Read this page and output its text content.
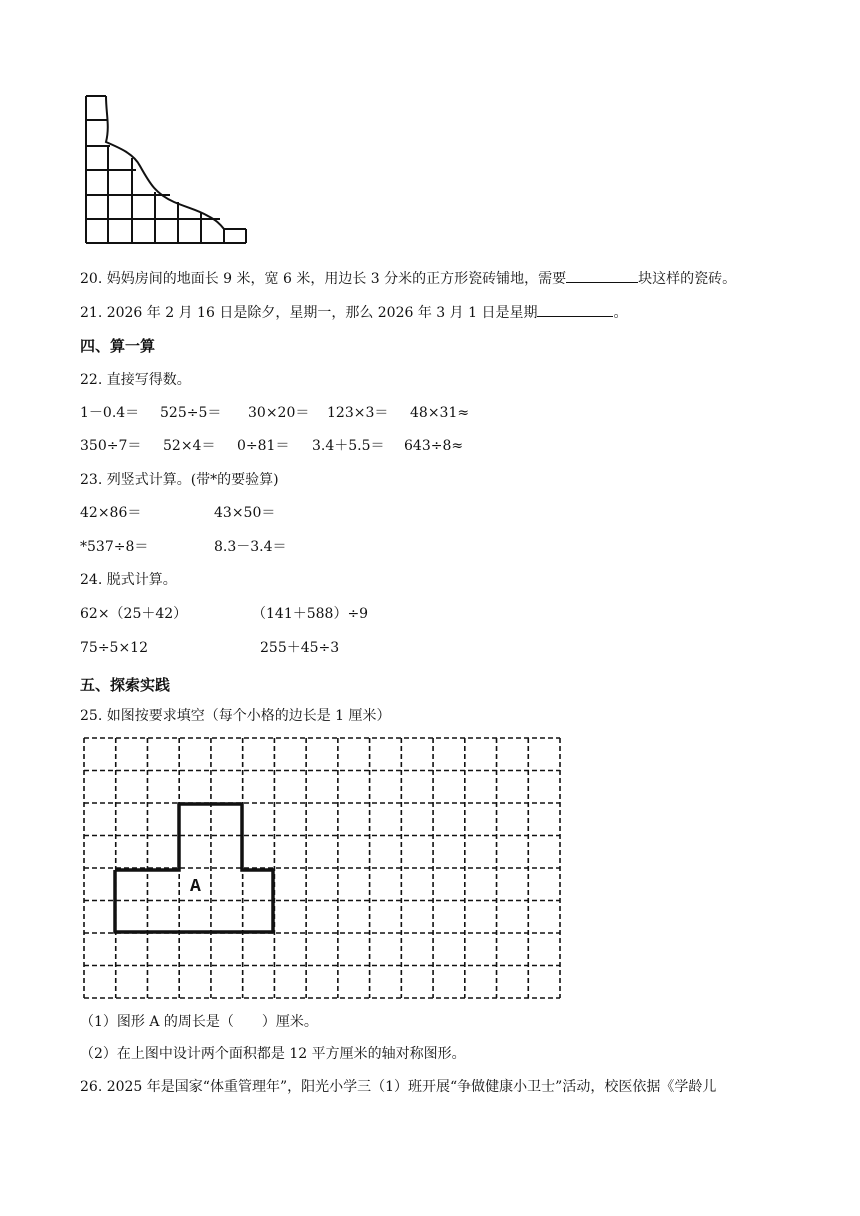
20. 妈妈房间的地面长 9 米，宽 6 米，用边长 3 分米的正方形瓷砖铺地，需要	块这样的瓷砖。
21. 2026 年 2 月 16 日是除夕，星期一，那么 2026 年 3 月 1 日是星期	。
四、算一算
22. 直接写得数。
1－0.4＝ 525÷5＝ 30×20＝ 123×3＝ 48×31≈
350÷7＝ 52×4＝ 0÷81＝ 3.4＋5.5＝ 643÷8≈
23. 列竖式计算。(带*的要验算)
42×86＝	43×50＝
*537÷8＝	8.3－3.4＝
24. 脱式计算。
62×（25＋42）	（141＋588）÷9
75÷5×12	255＋45÷3
五、探索实践
25. 如图按要求填空（每个小格的边长是 1 厘米）
A
（1）图形 A 的周长是（　　）厘米。
（2）在上图中设计两个面积都是 12 平方厘米的轴对称图形。
26. 2025 年是国家“体重管理年”，阳光小学三（1）班开展“争做健康小卫士”活动，校医依据《学龄儿
